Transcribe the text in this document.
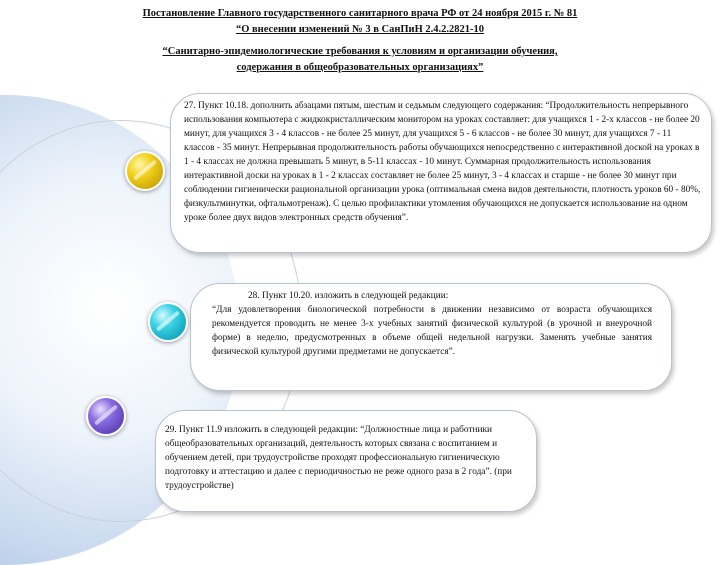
Постановление Главного государственного санитарного врача РФ от 24 ноября 2015 г. № 81
“О внесении изменений № 3 в СанПиН 2.4.2.2821-10
“Санитарно-эпидемиологические требования к условиям и организации обучения,
содержания в общеобразовательных организациях”
27. Пункт 10.18. дополнить абзацами пятым, шестым и седьмым следующего содержания: “Продолжительность непрерывного использования компьютера с жидкокристаллическим монитором на уроках составляет: для учащихся 1 - 2-х классов - не более 20 минут, для учащихся 3 - 4 классов - не более 25 минут, для учащихся 5 - 6 классов - не более 30 минут, для учащихся 7 - 11 классов - 35 минут. Непрерывная продолжительность работы обучающихся непосредственно с интерактивной доской на уроках в 1 - 4 классах не должна превышать 5 минут, в 5-11 классах - 10 минут. Суммарная продолжительность использования интерактивной доски на уроках в 1 - 2 классах составляет не более 25 минут, 3 - 4 классах и старше - не более 30 минут при соблюдении гигиенически рациональной организации урока (оптимальная смена видов деятельности, плотность уроков 60 - 80%, физкультминутки, офтальмотренаж). С целью профилактики утомления обучающихся не допускается использование на одном уроке более двух видов электронных средств обучения”.
28. Пункт 10.20. изложить в следующей редакции:
“Для удовлетворения биологической потребности в движении независимо от возраста обучающихся рекомендуется проводить не менее 3-х учебных занятий физической культурой (в урочной и внеурочной форме) в неделю, предусмотренных в объеме общей недельной нагрузки. Заменять учебные занятия физической культурой другими предметами не допускается”.
29. Пункт 11.9 изложить в следующей редакции: “Должностные лица и работники общеобразовательных организаций, деятельность которых связана с воспитанием и обучением детей, при трудоустройстве проходят профессиональную гигиеническую подготовку и аттестацию и далее с периодичностью не реже одного раза в 2 года”. (при трудоустройстве)
